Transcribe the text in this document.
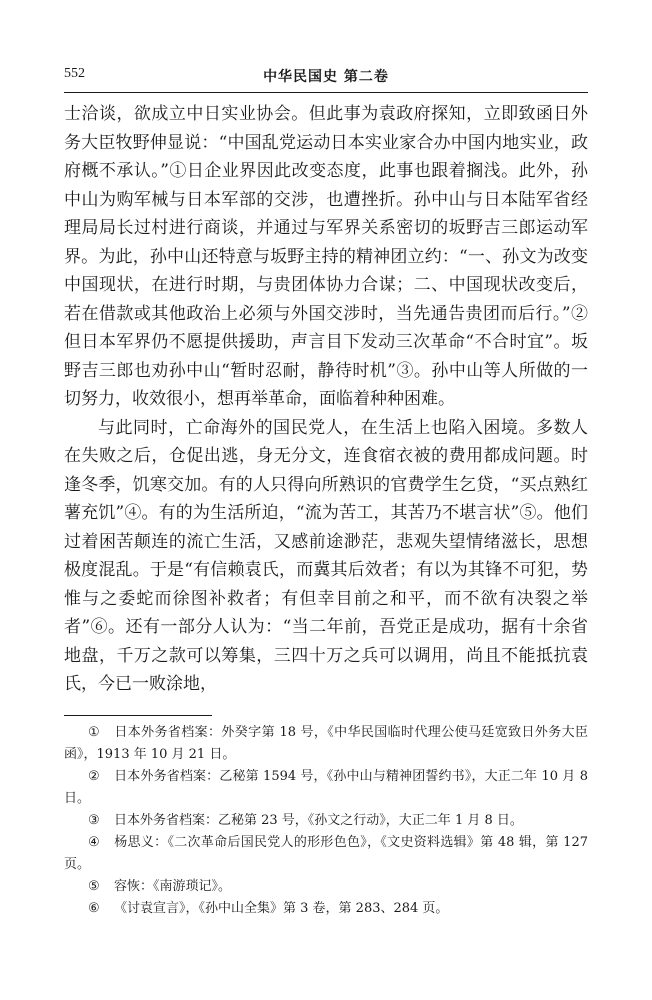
552	中华民国史 第二卷

士洽谈，欲成立中日实业协会。但此事为袁政府探知，立即致函日外务大臣牧野伸显说：“中国乱党运动日本实业家合办中国内地实业，政府概不承认。”①日企业界因此改变态度，此事也跟着搁浅。此外，孙中山为购军械与日本军部的交涉，也遭挫折。孙中山与日本陆军省经理局局长过村进行商谈，并通过与军界关系密切的坂野吉三郎运动军界。为此，孙中山还特意与坂野主持的精神团立约：“一、孙文为改变中国现状，在进行时期，与贵团体协力合谋；二、中国现状改变后，若在借款或其他政治上必须与外国交涉时，当先通告贵团而后行。”②但日本军界仍不愿提供援助，声言目下发动三次革命“不合时宜”。坂野吉三郎也劝孙中山“暂时忍耐，静待时机”③。孙中山等人所做的一切努力，收效很小，想再举革命，面临着种种困难。

与此同时，亡命海外的国民党人，在生活上也陷入困境。多数人在失败之后，仓促出逃，身无分文，连食宿衣被的费用都成问题。时逢冬季，饥寒交加。有的人只得向所熟识的官费学生乞贷，“买点熟红薯充饥”④。有的为生活所迫，“流为苦工，其苦乃不堪言状”⑤。他们过着困苦颠连的流亡生活，又感前途渺茫，悲观失望情绪滋长，思想极度混乱。于是“有信赖袁氏，而冀其后效者；有以为其锋不可犯，势惟与之委蛇而徐图补救者；有但幸目前之和平，而不欲有决裂之举者”⑥。还有一部分人认为：“当二年前，吾党正是成功，据有十余省地盘，千万之款可以筹集，三四十万之兵可以调用，尚且不能抵抗袁氏，今已一败涂地，

① 日本外务省档案：外癸字第 18 号，《中华民国临时代理公使马廷宽致日外务大臣函》，1913 年 10 月 21 日。

② 日本外务省档案：乙秘第 1594 号，《孙中山与精神团誓约书》，大正二年 10 月 8 日。

③ 日本外务省档案：乙秘第 23 号，《孙文之行动》，大正二年 1 月 8 日。

④ 杨思义：《二次革命后国民党人的形形色色》，《文史资料选辑》第 48 辑，第 127 页。

⑤ 容恢：《南游琐记》。

⑥ 《讨袁宣言》，《孙中山全集》第 3 卷，第 283、284 页。
